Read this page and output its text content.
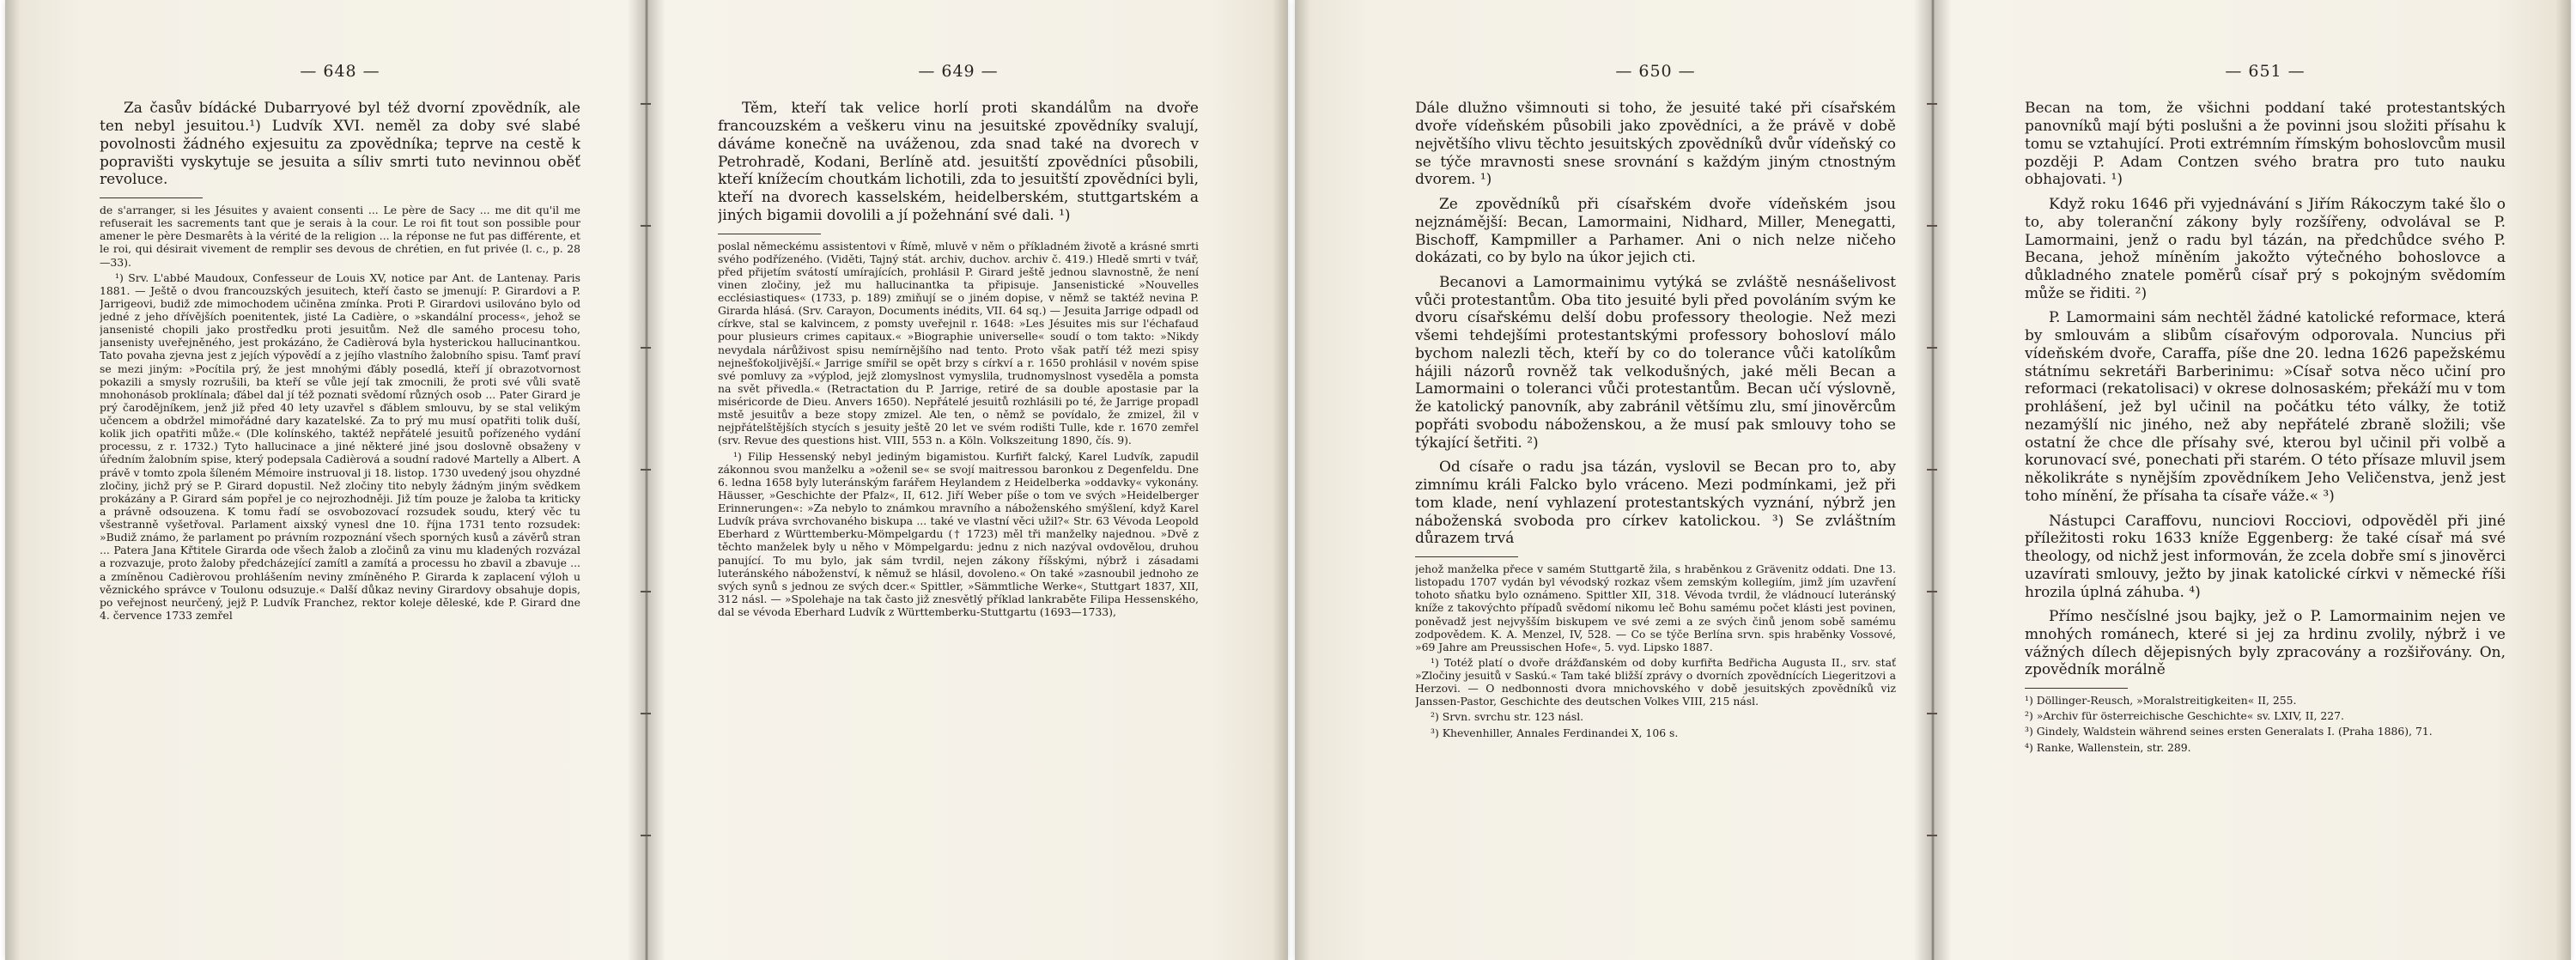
— 648 —

Za časův bídácké Dubarryové byl též dvorní zpovědník, ale ten nebyl jesuitou.¹) Ludvík XVI. neměl za doby své slabé povolnosti žádného exjesuitu za zpovědníka; teprve na cestě k popravišti vyskytuje se jesuita a síliv smrti tuto nevinnou oběť revoluce.

de s'arranger, si les Jésuites y avaient consenti ... Le père de Sacy ... me dit qu'il me refuserait les sacrements tant que je serais à la cour. Le roi fit tout son possible pour amener le père Desmarêts à la vérité de la religion ... la réponse ne fut pas différente, et le roi, qui désirait vivement de remplir ses devous de chrétien, en fut privée (l. c., p. 28—33).

¹) Srv. L'abbé Maudoux, Confesseur de Louis XV, notice par Ant. de Lantenay. Paris 1881. — Ještě o dvou francouzských jesuitech, kteří často se jmenují: P. Girardovi a P. Jarrigeovi, budiž zde mimochodem učiněna zmínka. Proti P. Girardovi usilováno bylo od jedné z jeho dřívějších poenitentek, jisté La Cadière, o »skandální process«, jehož se jansenisté chopili jako prostředku proti jesuitům. Než dle samého procesu toho, jansenisty uveřejněného, jest prokázáno, že Cadièrová byla hysterickou hallucinantkou. Tato povaha zjevna jest z jejích výpovědí a z jejího vlastního žalobního spisu. Tamť praví se mezi jiným: »Pocítila prý, že jest mnohými ďábly posedlá, kteří jí obrazotvornost pokazili a smysly rozrušili, ba kteří se vůle její tak zmocnili, že proti své vůli svatě mnohonásob proklínala; ďábel dal jí též poznati svědomí různých osob ... Pater Girard je prý čarodějníkem, jenž již před 40 lety uzavřel s ďáblem smlouvu, by se stal velikým učencem a obdržel mimořádné dary kazatelské. Za to prý mu musí opatřiti tolik duší, kolik jich opatřiti může.« (Dle kolínského, taktéž nepřátelé jesuitů pořízeného vydání processu, z r. 1732.) Tyto hallucinace a jiné některé jiné jsou doslovně obsaženy v úředním žalobním spise, který podepsala Cadièrová a soudní radové Martelly a Albert. A právě v tomto zpola šíleném Mémoire instruoval ji 18. listop. 1730 uvedený jsou ohyzdné zločiny, jichž prý se P. Girard dopustil. Než zločiny tito nebyly žádným jiným svědkem prokázány a P. Girard sám popřel je co nejrozhodněji. Již tím pouze je žaloba ta kriticky a právně odsouzena. K tomu řadí se osvobozovací rozsudek soudu, který věc tu všestranně vyšetřoval. Parlament aixský vynesl dne 10. října 1731 tento rozsudek: »Budiž známo, že parlament po právním rozpoznání všech sporných kusů a závěrů stran ... Patera Jana Křtitele Girarda ode všech žalob a zločinů za vinu mu kladených rozvázal a rozvazuje, proto žaloby předcházející zamítl a zamítá a processu ho zbavil a zbavuje ... a zmíněnou Cadièrovou prohlášením neviny zmíněného P. Girarda k zaplacení výloh u věznického správce v Toulonu odsuzuje.« Další důkaz neviny Girardovy obsahuje dopis, po veřejnost neurčený, jejž P. Ludvík Franchez, rektor koleje děleské, kde P. Girard dne 4. července 1733 zemřel

— 649 —

Těm, kteří tak velice horlí proti skandálům na dvoře francouzském a veškeru vinu na jesuitské zpovědníky svalují, dáváme konečně na uváženou, zda snad také na dvorech v Petrohradě, Kodani, Berlíně atd. jesuitští zpovědníci působili, kteří knížecím choutkám lichotili, zda to jesuitští zpovědníci byli, kteří na dvorech kasselském, heidelberském, stuttgartském a jiných bigamii dovolili a jí požehnání své dali. ¹)

poslal německému assistentovi v Římě, mluvě v něm o příkladném životě a krásné smrti svého podřízeného. (Viděti, Tajný stát. archiv, duchov. archiv č. 419.) Hledě smrti v tvář, před přijetím svátostí umírajících, prohlásil P. Girard ještě jednou slavnostně, že není vinen zločiny, jež mu hallucinantka ta připisuje. Jansenistické »Nouvelles ecclésiastiques« (1733, p. 189) zmiňují se o jiném dopise, v němž se taktéž nevina P. Girarda hlásá. (Srv. Carayon, Documents inédits, VII. 64 sq.) — Jesuita Jarrige odpadl od církve, stal se kalvincem, z pomsty uveřejnil r. 1648: »Les Jésuites mis sur l'échafaud pour plusieurs crimes capitaux.« »Biographie universelle« soudí o tom takto: »Nikdy nevydala nárůživost spisu nemírnějšího nad tento. Proto však patří též mezi spisy nejnešťokoljivější.« Jarrige smířil se opět brzy s církví a r. 1650 prohlásil v novém spise své pomluvy za »výplod, jejž zlomyslnost vymyslila, trudnomyslnost vyseděla a pomsta na svět přivedla.« (Retractation du P. Jarrige, retiré de sa double apostasie par la miséricorde de Dieu. Anvers 1650). Nepřátelé jesuitů rozhlásili po té, že Jarrige propadl mstě jesuitův a beze stopy zmizel. Ale ten, o němž se povídalo, že zmizel, žil v nejpřátelštějších stycích s jesuity ještě 20 let ve svém rodišti Tulle, kde r. 1670 zemřel (srv. Revue des questions hist. VIII, 553 n. a Köln. Volkszeitung 1890, čís. 9).

¹) Filip Hessenský nebyl jediným bigamistou. Kurfiřt falcký, Karel Ludvík, zapudil zákonnou svou manželku a »oženil se« se svojí maitressou baronkou z Degenfeldu. Dne 6. ledna 1658 byly luteránským farářem Heylandem z Heidelberka »oddavky« vykonány. Häusser, »Geschichte der Pfalz«, II, 612. Jiří Weber píše o tom ve svých »Heidelberger Erinnerungen«: »Za nebylo to známkou mravního a náboženského smýšlení, když Karel Ludvík práva svrchovaného biskupa ... také ve vlastní věci užil?« Str. 63 Vévoda Leopold Eberhard z Württemberku-Mömpelgardu († 1723) měl tři manželky najednou. »Dvě z těchto manželek byly u něho v Mömpelgardu: jednu z nich nazýval ovdovělou, druhou panující. To mu bylo, jak sám tvrdil, nejen zákony říšskými, nýbrž i zásadami luteránského náboženství, k němuž se hlásil, dovoleno.« On také »zasnoubil jednoho ze svých synů s jednou ze svých dcer.« Spittler, »Sämmtliche Werke«, Stuttgart 1837, XII, 312 násl. — »Spolehaje na tak často již znesvětlý příklad lankraběte Filipa Hessenského, dal se vévoda Eberhard Ludvík z Württemberku-Stuttgartu (1693—1733),

— 650 —

Dále dlužno všimnouti si toho, že jesuité také při císařském dvoře vídeňském působili jako zpovědníci, a že právě v době největšího vlivu těchto jesuitských zpovědníků dvůr vídeňský co se týče mravnosti snese srovnání s každým jiným ctnostným dvorem. ¹)

Ze zpovědníků při císařském dvoře vídeňském jsou nejznámější: Becan, Lamormaini, Nidhard, Miller, Menegatti, Bischoff, Kampmiller a Parhamer. Ani o nich nelze ničeho dokázati, co by bylo na úkor jejich cti.

Becanovi a Lamormainimu vytýká se zvláště nesnášelivost vůči protestantům. Oba tito jesuité byli před povoláním svým ke dvoru císařskému delší dobu professory theologie. Než mezi všemi tehdejšími protestantskými professory bohosloví málo bychom nalezli těch, kteří by co do tolerance vůči katolíkům hájili názorů rovněž tak velkodušných, jaké měli Becan a Lamormaini o toleranci vůči protestantům. Becan učí výslovně, že katolický panovník, aby zabránil většímu zlu, smí jinověrcům popřáti svobodu náboženskou, a že musí pak smlouvy toho se týkající šetřiti. ²)

Od císaře o radu jsa tázán, vyslovil se Becan pro to, aby zimnímu králi Falcko bylo vráceno. Mezi podmínkami, jež při tom klade, není vyhlazení protestantských vyznání, nýbrž jen náboženská svoboda pro církev katolickou. ³) Se zvláštním důrazem trvá

jehož manželka přece v samém Stuttgartě žila, s hraběnkou z Grävenitz oddati. Dne 13. listopadu 1707 vydán byl vévodský rozkaz všem zemským kollegiím, jimž jím uzavření tohoto sňatku bylo oznámeno. Spittler XII, 318. Vévoda tvrdil, že vládnoucí luteránský kníže z takovýchto případů svědomí nikomu leč Bohu samému počet klásti jest povinen, poněvadž jest nejvyšším biskupem ve své zemi a ze svých činů jenom sobě samému zodpovědem. K. A. Menzel, IV, 528. — Co se týče Berlína srvn. spis hraběnky Vossové, »69 Jahre am Preussischen Hofe«, 5. vyd. Lipsko 1887.

¹) Totéž platí o dvoře drážďanském od doby kurfiřta Bedřicha Augusta II., srv. stať »Zločiny jesuitů v Saskú.« Tam také bližší zprávy o dvorních zpovědnících Liegeritzovi a Herzovi. — O nedbonnosti dvora mnichovského v době jesuitských zpovědníků viz Janssen-Pastor, Geschichte des deutschen Volkes VIII, 215 násl.

²) Srvn. svrchu str. 123 násl.

³) Khevenhiller, Annales Ferdinandei X, 106 s.

— 651 —

Becan na tom, že všichni poddaní také protestantských panovníků mají býti poslušni a že povinni jsou složiti přísahu k tomu se vztahující. Proti extrémním římským bohoslovcům musil později P. Adam Contzen svého bratra pro tuto nauku obhajovati. ¹)

Když roku 1646 při vyjednávání s Jiřím Rákoczym také šlo o to, aby toleranční zákony byly rozšířeny, odvolával se P. Lamormaini, jenž o radu byl tázán, na předchůdce svého P. Becana, jehož míněním jakožto výtečného bohoslovce a důkladného znatele poměrů císař prý s pokojným svědomím může se řiditi. ²)

P. Lamormaini sám nechtěl žádné katolické reformace, která by smlouvám a slibům císařovým odporovala. Nuncius při vídeňském dvoře, Caraffa, píše dne 20. ledna 1626 papežskému státnímu sekretáři Barberinimu: »Císař sotva něco učiní pro reformaci (rekatolisaci) v okrese dolnosaském; překáží mu v tom prohlášení, jež byl učinil na počátku této války, že totiž nezamýšlí nic jiného, než aby nepřátelé zbraně složili; vše ostatní že chce dle přísahy své, kterou byl učinil při volbě a korunovací své, ponechati při starém. O této přísaze mluvil jsem několikráte s nynějším zpovědníkem Jeho Veličenstva, jenž jest toho mínění, že přísaha ta císaře váže.« ³)

Nástupci Caraffovu, nunciovi Rocciovi, odpověděl při jiné příležitosti roku 1633 kníže Eggenberg: že také císař má své theology, od nichž jest informován, že zcela dobře smí s jinověrci uzavírati smlouvy, ježto by jinak katolické církvi v německé říši hrozila úplná záhuba. ⁴)

Přímo nesčíslné jsou bajky, jež o P. Lamormainim nejen ve mnohých románech, které si jej za hrdinu zvolily, nýbrž i ve vážných dílech dějepisných byly zpracovány a rozšiřovány. On, zpovědník morálně

¹) Döllinger-Reusch, »Moralstreitigkeiten« II, 255.

²) »Archiv für österreichische Geschichte« sv. LXIV, II, 227.

³) Gindely, Waldstein während seines ersten Generalats I. (Praha 1886), 71.

⁴) Ranke, Wallenstein, str. 289.
